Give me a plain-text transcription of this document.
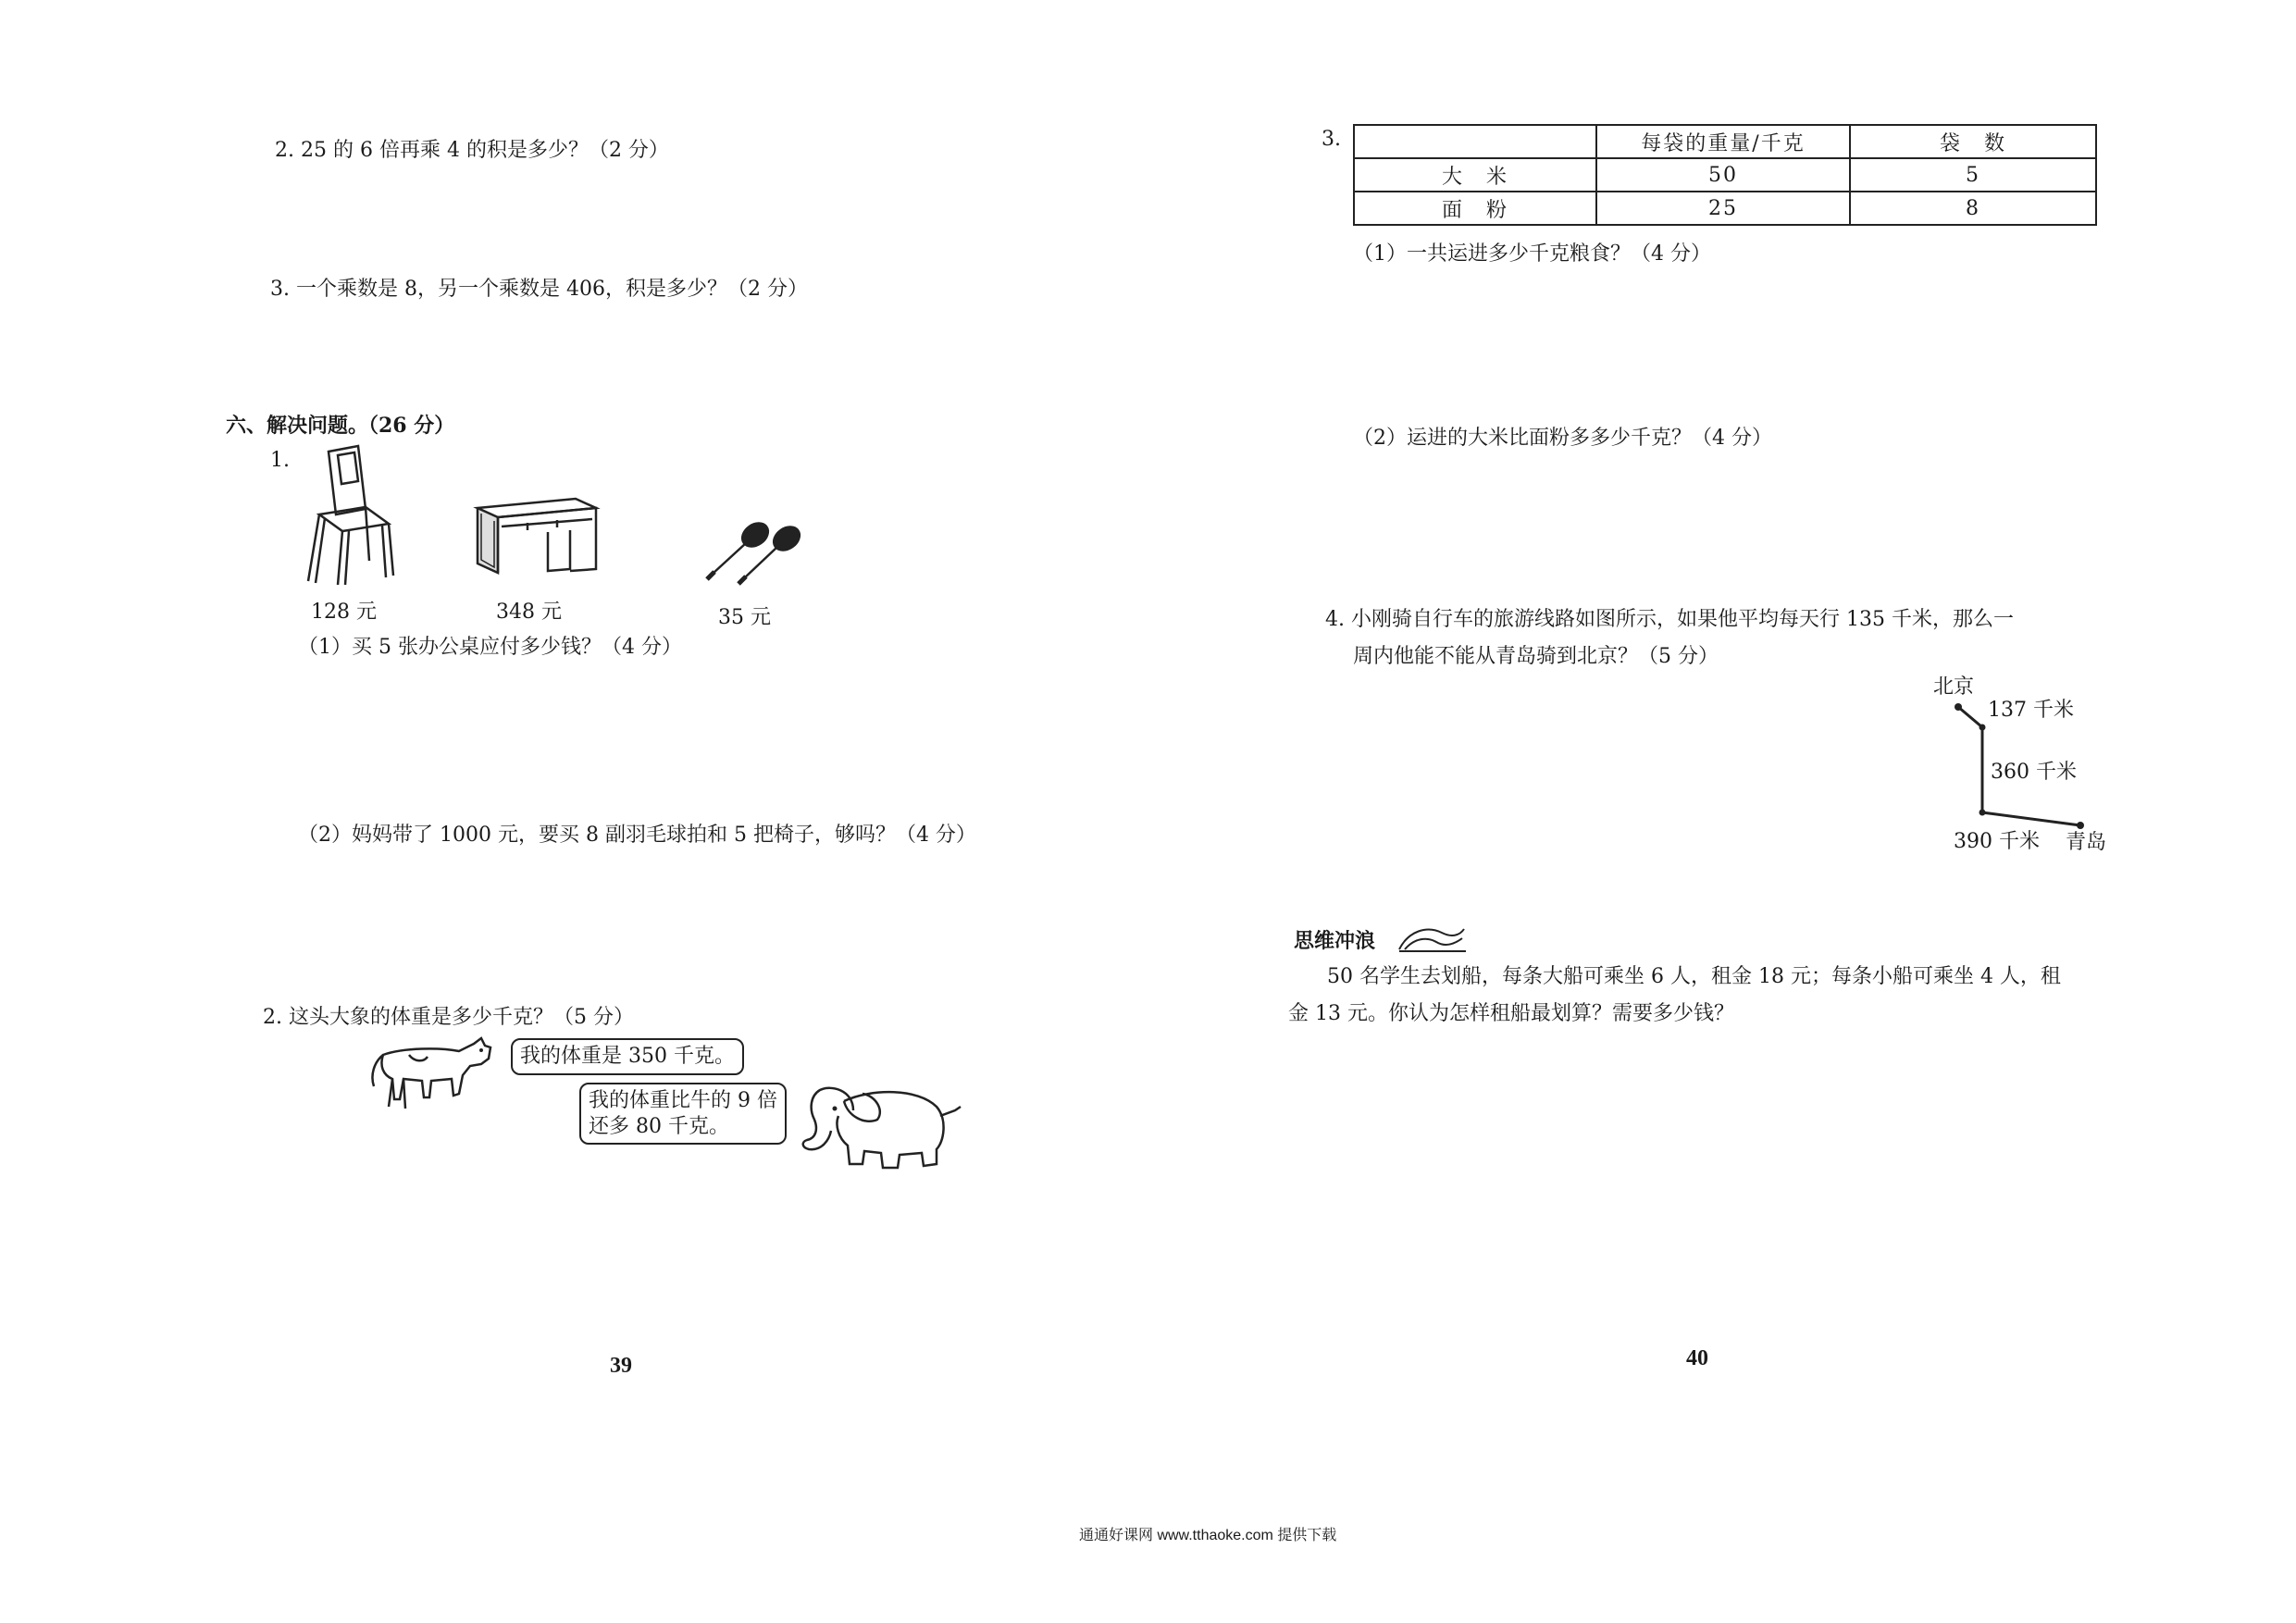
2. 25 的 6 倍再乘 4 的积是多少？（2 分）
3. 一个乘数是 8，另一个乘数是 406，积是多少？（2 分）
六、解决问题。（26 分）
1.
128 元	348 元	35 元
（1）买 5 张办公桌应付多少钱？（4 分）
（2）妈妈带了 1000 元，要买 8 副羽毛球拍和 5 把椅子，够吗？（4 分）
2. 这头大象的体重是多少千克？（5 分）
我的体重是 350 千克。
我的体重比牛的 9 倍
还多 80 千克。
39
3.
		每袋的重量/千克	袋　数
大　米	50	5
面　粉	25	8
（1）一共运进多少千克粮食？（4 分）
（2）运进的大米比面粉多多少千克？（4 分）
4. 小刚骑自行车的旅游线路如图所示，如果他平均每天行 135 千米，那么一
周内他能不能从青岛骑到北京？（5 分）
北京
137 千米
360 千米
390 千米 青岛
思维冲浪
50 名学生去划船，每条大船可乘坐 6 人，租金 18 元；每条小船可乘坐 4 人，租
金 13 元。你认为怎样租船最划算？需要多少钱？
40
通通好课网 www.tthaoke.com 提供下载
